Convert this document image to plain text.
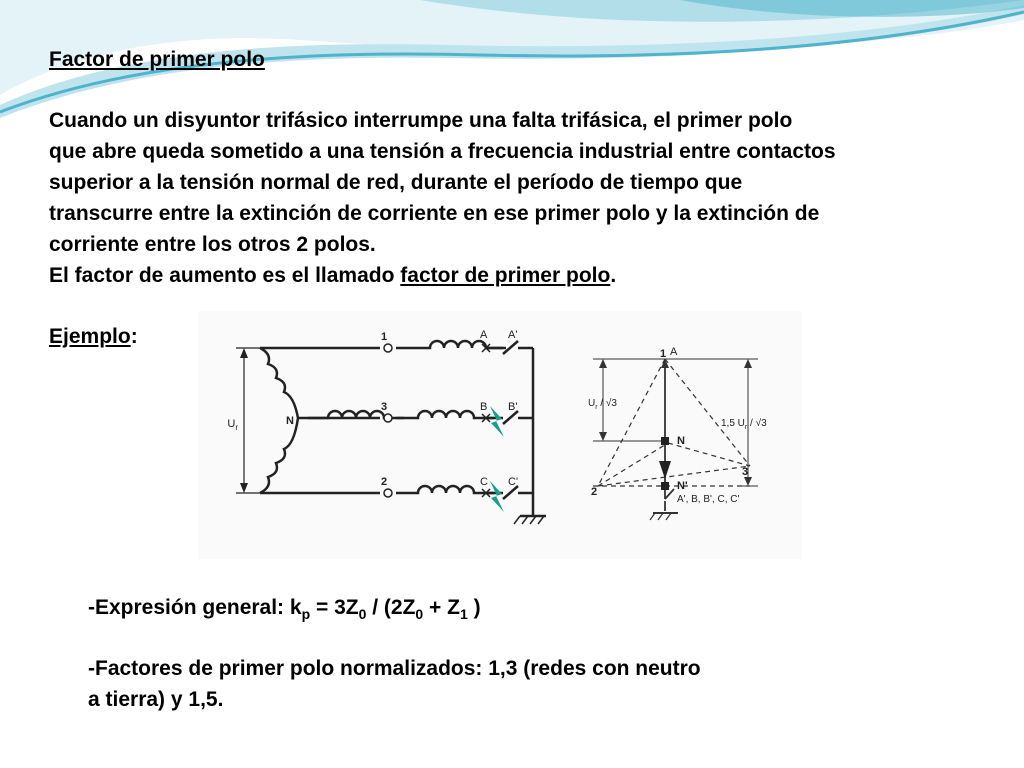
Factor de primer polo

Cuando un disyuntor trifásico interrumpe una falta trifásica, el primer polo
que abre queda sometido a una tensión a frecuencia industrial entre contactos
superior a la tensión normal de red, durante el período de tiempo que
transcurre entre la extinción de corriente en ese primer polo y la extinción de
corriente entre los otros 2 polos.
El factor de aumento es el llamado factor de primer polo.

Ejemplo:	1
3
2
A
B
C
A'
B'
C'
N
$U_r$
1 A
$U_r / √3$
1,5 $U_r / √3$
N
N'
2
3
A', B, B', C, C'

-Expresión general: $k_p = 3Z_0 / (2Z_0 + Z_1$ )

-Factores de primer polo normalizados: 1,3 (redes con neutro
a tierra) y 1,5.
